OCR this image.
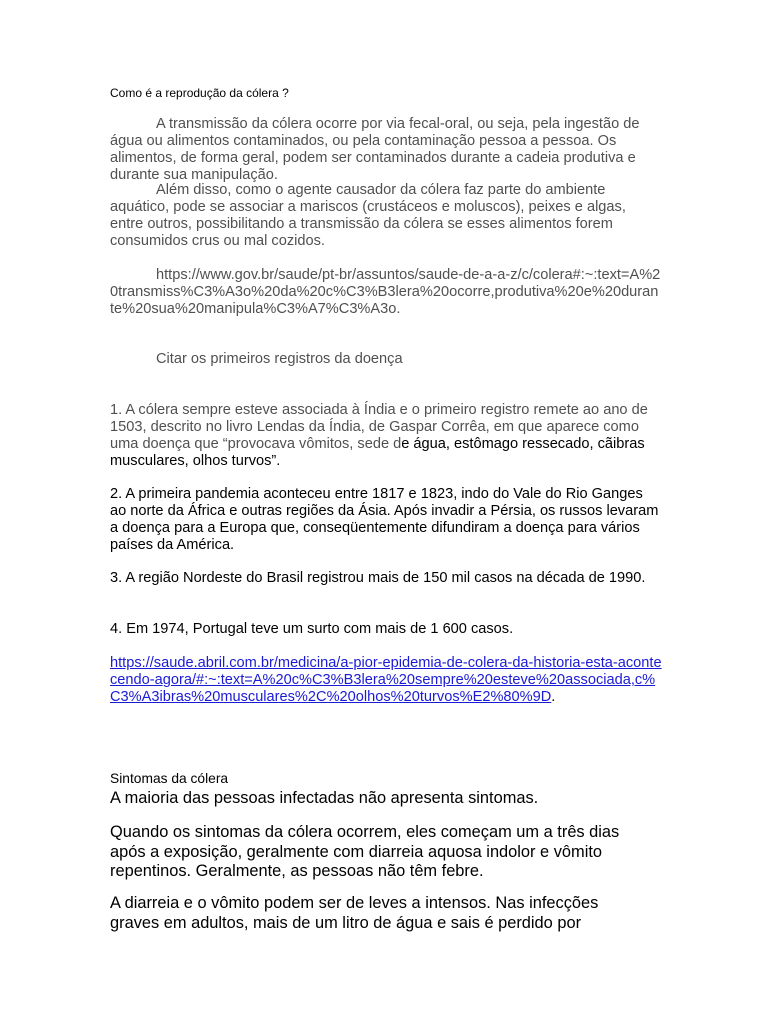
Como é a reprodução da cólera ?

A transmissão da cólera ocorre por via fecal-oral, ou seja, pela ingestão de água ou alimentos contaminados, ou pela contaminação pessoa a pessoa. Os alimentos, de forma geral, podem ser contaminados durante a cadeia produtiva e durante sua manipulação.

Além disso, como o agente causador da cólera faz parte do ambiente aquático, pode se associar a mariscos (crustáceos e moluscos), peixes e algas, entre outros, possibilitando a transmissão da cólera se esses alimentos forem consumidos crus ou mal cozidos.

https://www.gov.br/saude/pt-br/assuntos/saude-de-a-a-z/c/colera#:~:text=A%20transmiss%C3%A3o%20da%20c%C3%B3lera%20ocorre,produtiva%20e%20durante%20sua%20manipula%C3%A7%C3%A3o.

Citar os primeiros registros da doença

1. A cólera sempre esteve associada à Índia e o primeiro registro remete ao ano de 1503, descrito no livro Lendas da Índia, de Gaspar Corrêa, em que aparece como uma doença que “provocava vômitos, sede de água, estômago ressecado, cãibras musculares, olhos turvos”.

2. A primeira pandemia aconteceu entre 1817 e 1823, indo do Vale do Rio Ganges ao norte da África e outras regiões da Ásia. Após invadir a Pérsia, os russos levaram a doença para a Europa que, conseqüentemente difundiram a doença para vários países da América.

3. A região Nordeste do Brasil registrou mais de 150 mil casos na década de 1990.

4. Em 1974, Portugal teve um surto com mais de 1 600 casos.

https://saude.abril.com.br/medicina/a-pior-epidemia-de-colera-da-historia-esta-acontecendo-agora/#:~:text=A%20c%C3%B3lera%20sempre%20esteve%20associada,c%C3%A3ibras%20musculares%2C%20olhos%20turvos%E2%80%9D.

Sintomas da cólera

A maioria das pessoas infectadas não apresenta sintomas.

Quando os sintomas da cólera ocorrem, eles começam um a três dias após a exposição, geralmente com diarreia aquosa indolor e vômito repentinos. Geralmente, as pessoas não têm febre.

A diarreia e o vômito podem ser de leves a intensos. Nas infecções graves em adultos, mais de um litro de água e sais é perdido por
